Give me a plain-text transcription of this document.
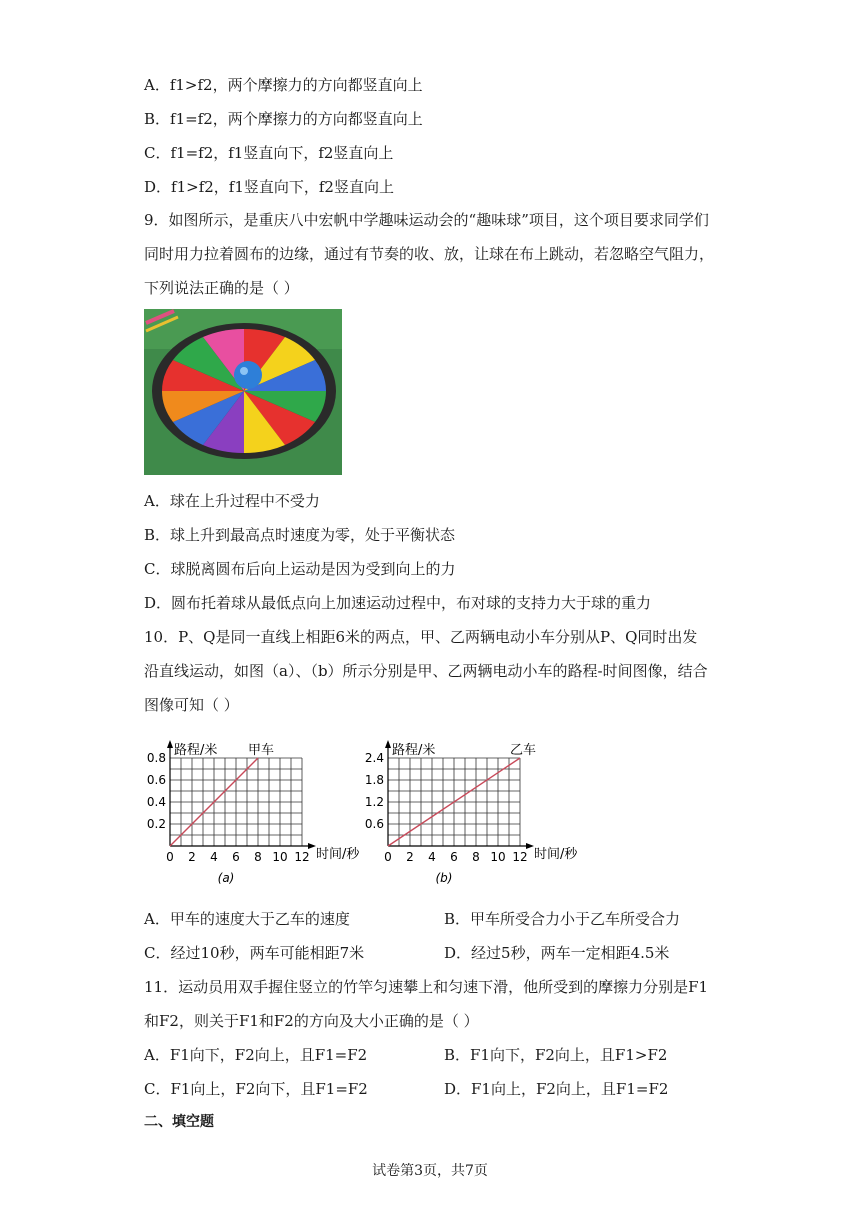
A．f1>f2，两个摩擦力的方向都竖直向上
B．f1=f2，两个摩擦力的方向都竖直向上
C．f1=f2，f1竖直向下，f2竖直向上
D．f1>f2，f1竖直向下，f2竖直向上
9．如图所示，是重庆八中宏帆中学趣味运动会的“趣味球”项目，这个项目要求同学们
同时用力拉着圆布的边缘，通过有节奏的收、放，让球在布上跳动，若忽略空气阻力，
下列说法正确的是（ ）
A．球在上升过程中不受力
B．球上升到最高点时速度为零，处于平衡状态
C．球脱离圆布后向上运动是因为受到向上的力
D．圆布托着球从最低点向上加速运动过程中，布对球的支持力大于球的重力
10．P、Q是同一直线上相距6米的两点，甲、乙两辆电动小车分别从P、Q同时出发
沿直线运动，如图（a）、（b）所示分别是甲、乙两辆电动小车的路程-时间图像，结合
图像可知（ ）
路程/米
时间/秒
0 2 4 6 8 10 12
0.2
0.4
0.6
0.8	甲车
(a)
路程/米
时间/秒
0 2 4 6 8 10 12
0.6
1.2
1.8
2.4	乙车
(b)
A．甲车的速度大于乙车的速度	B．甲车所受合力小于乙车所受合力
C．经过10秒，两车可能相距7米	D．经过5秒，两车一定相距4.5米
11．运动员用双手握住竖立的竹竿匀速攀上和匀速下滑，他所受到的摩擦力分别是F1
和F2，则关于F1和F2的方向及大小正确的是（ ）
A．F1向下，F2向上，且F1=F2	B．F1向下，F2向上，且F1>F2
C．F1向上，F2向下，且F1=F2	D．F1向上，F2向上，且F1=F2
二、填空题
试卷第3页，共7页
